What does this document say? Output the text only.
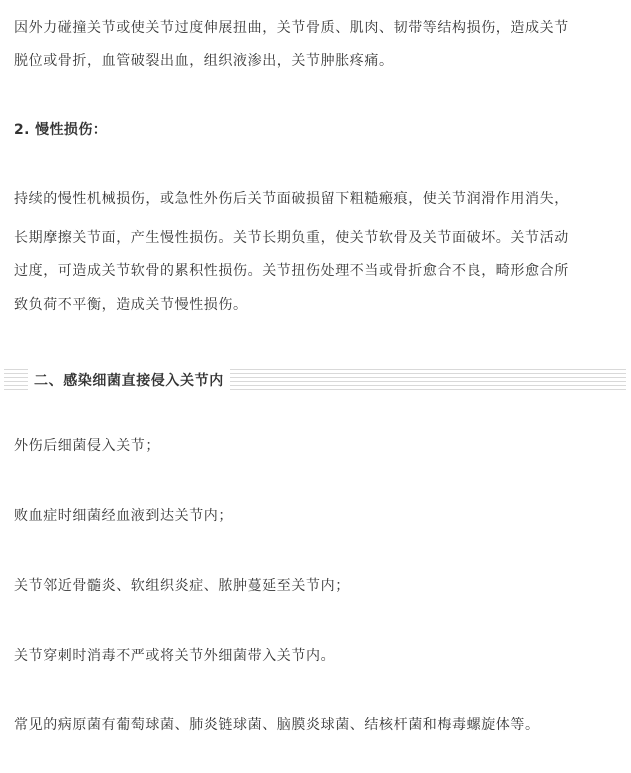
因外力碰撞关节或使关节过度伸展扭曲，关节骨质、肌肉、韧带等结构损伤，造成关节

脱位或骨折，血管破裂出血，组织液渗出，关节肿胀疼痛。

2. 慢性损伤：

持续的慢性机械损伤，或急性外伤后关节面破损留下粗糙瘢痕，使关节润滑作用消失，

长期摩擦关节面，产生慢性损伤。关节长期负重，使关节软骨及关节面破坏。关节活动

过度，可造成关节软骨的累积性损伤。关节扭伤处理不当或骨折愈合不良，畸形愈合所

致负荷不平衡，造成关节慢性损伤。

二、感染细菌直接侵入关节内

外伤后细菌侵入关节；

败血症时细菌经血液到达关节内；

关节邻近骨髓炎、软组织炎症、脓肿蔓延至关节内；

关节穿刺时消毒不严或将关节外细菌带入关节内。

常见的病原菌有葡萄球菌、肺炎链球菌、脑膜炎球菌、结核杆菌和梅毒螺旋体等。
